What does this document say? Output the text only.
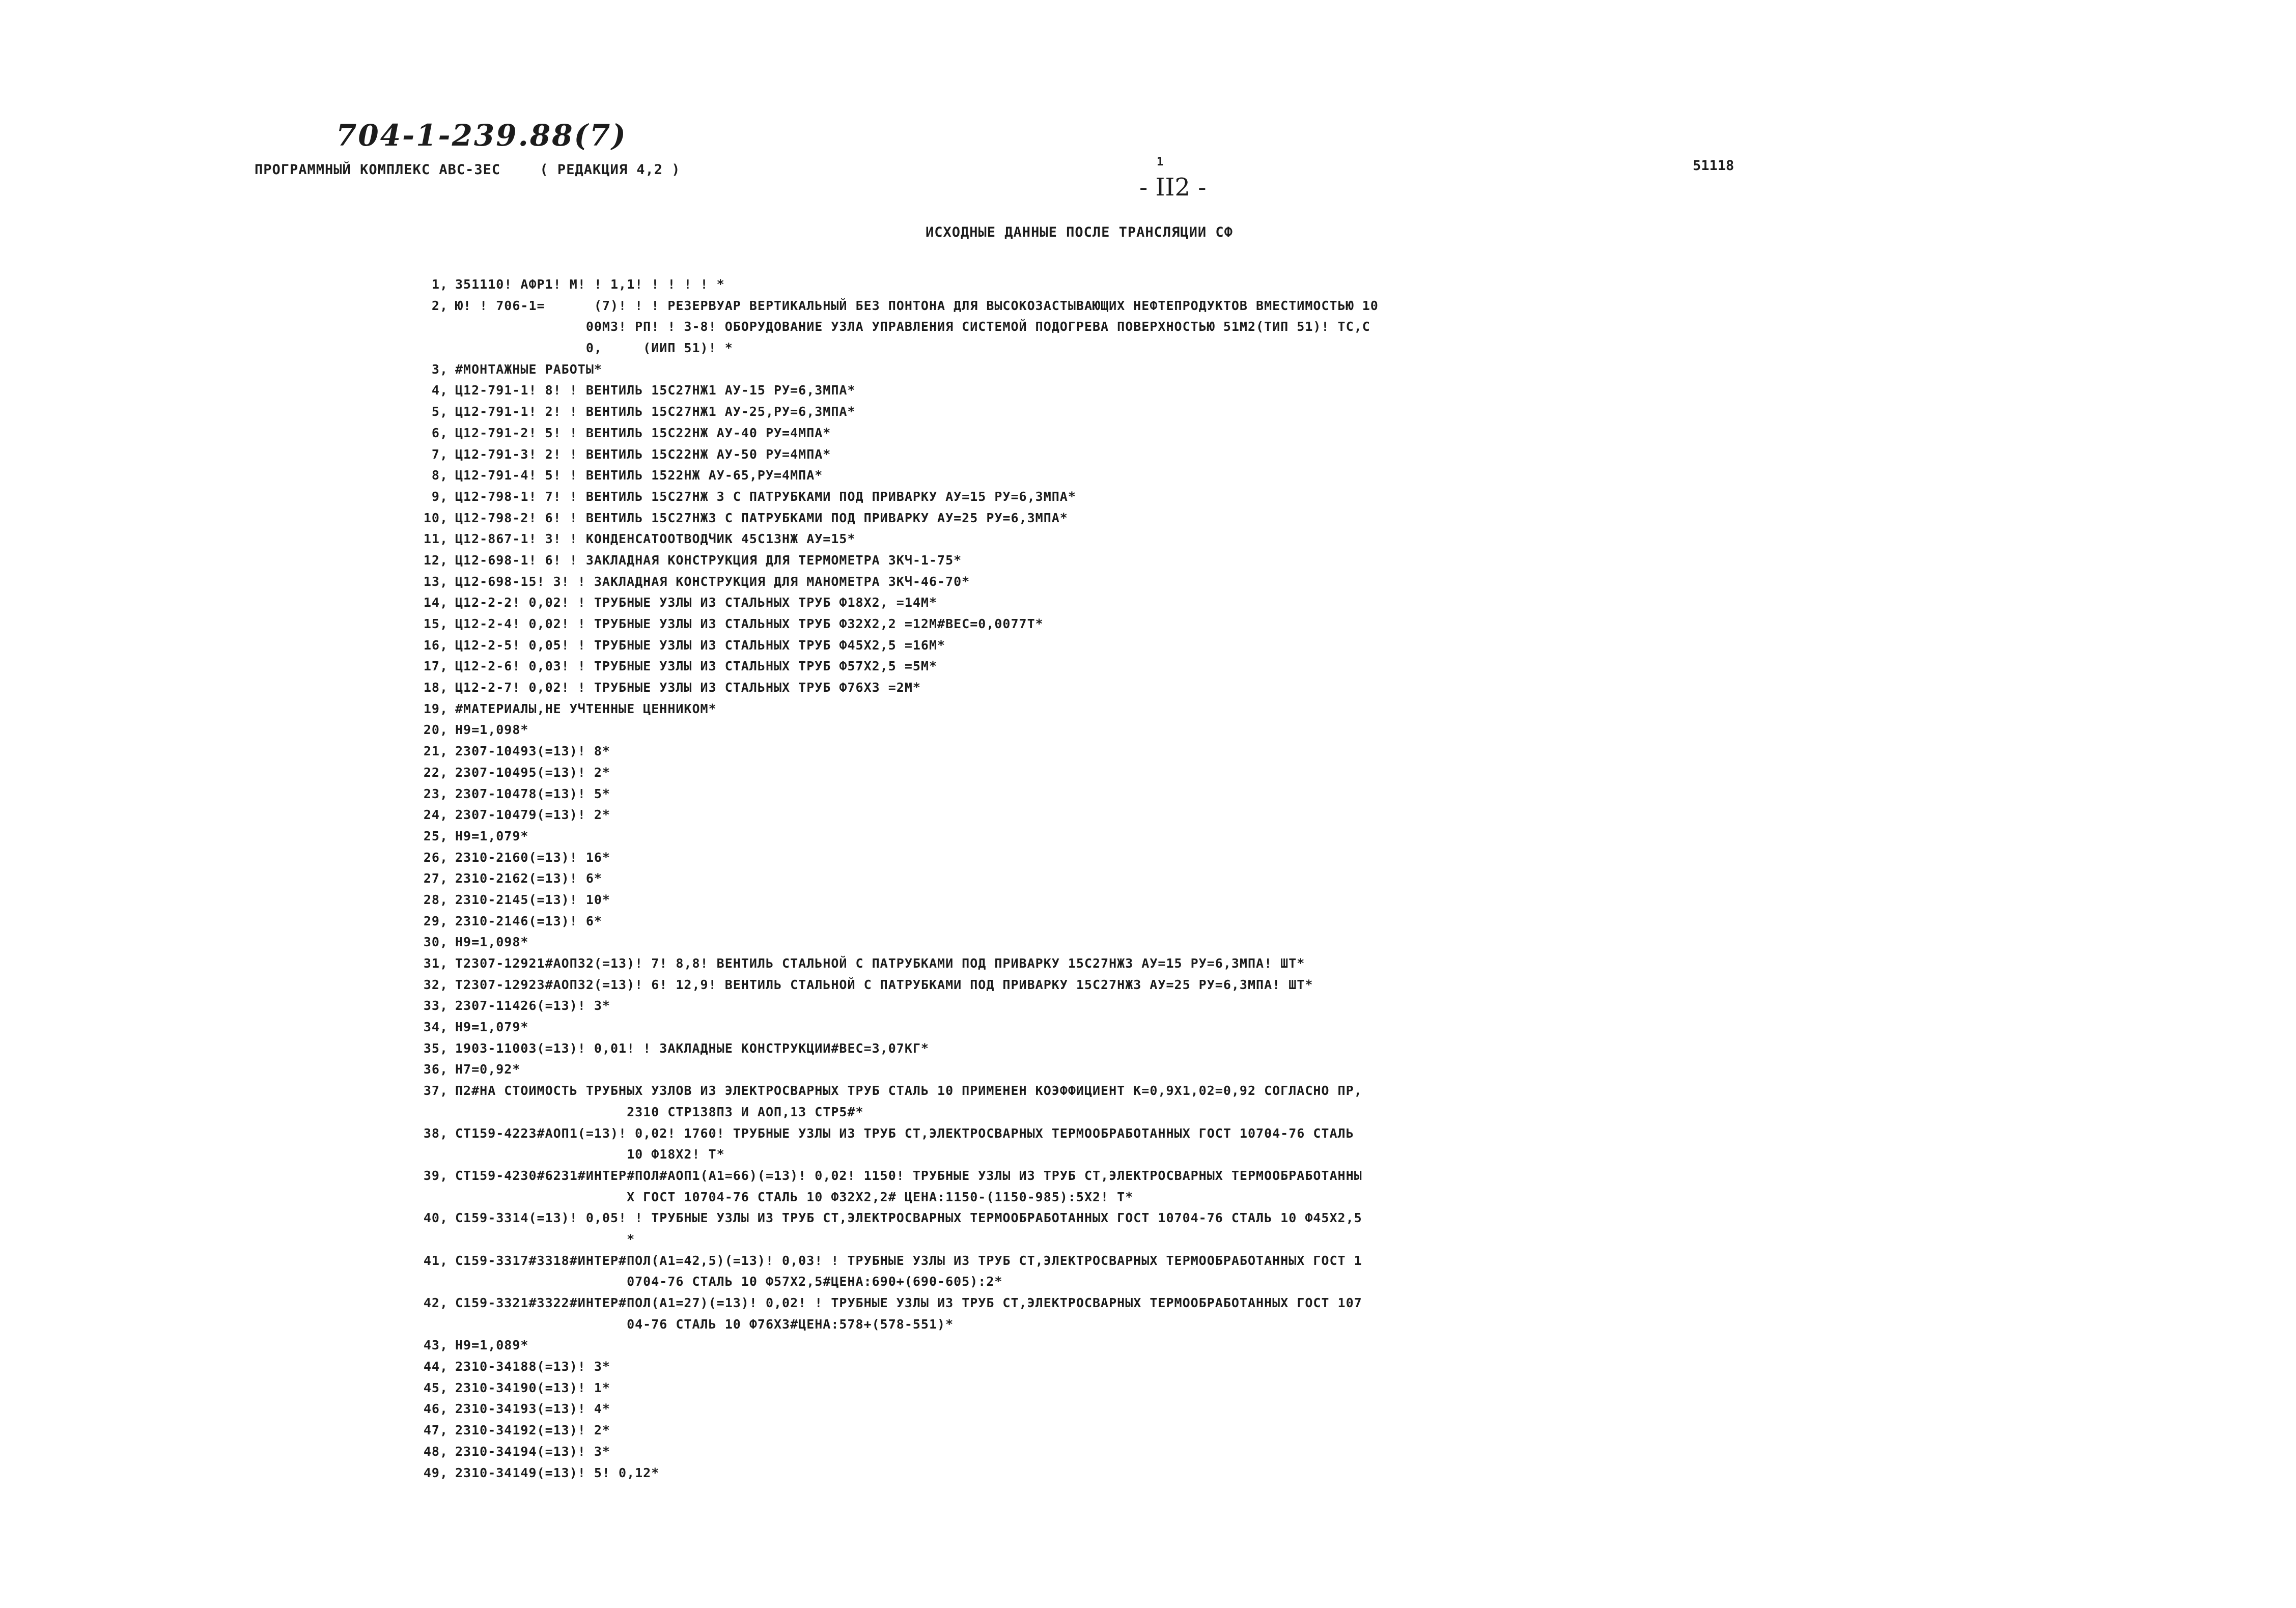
704-1-239.88(7)
ПРОГРАММНЫЙ КОМПЛЕКС АВС-3ЕС	( РЕДАКЦИЯ 4,2 )	1
- II2 -
51118
ИСХОДНЫЕ ДАННЫЕ ПОСЛЕ ТРАНСЛЯЦИИ СФ
1, 351110! АФР1! М! ! 1,1! ! ! ! ! *
2, Ю! ! 706-1=      (7)! ! ! РЕЗЕРВУАР ВЕРТИКАЛЬНЫЙ БЕЗ ПОНТОНА ДЛЯ ВЫСОКОЗАСТЫВАЮЩИХ НЕФТЕПРОДУКТОВ ВМЕСТИМОСТЬЮ 10
00М3! РП! ! 3-8! ОБОРУДОВАНИЕ УЗЛА УПРАВЛЕНИЯ СИСТЕМОЙ ПОДОГРЕВА ПОВЕРХНОСТЬЮ 51М2(ТИП 51)! ТС,С
0,     (ИИП 51)! *
3, #МОНТАЖНЫЕ РАБОТЫ*
4, Ц12-791-1! 8! ! ВЕНТИЛЬ 15С27НЖ1 АУ-15 РУ=6,3МПА*
5, Ц12-791-1! 2! ! ВЕНТИЛЬ 15С27НЖ1 АУ-25,РУ=6,3МПА*
6, Ц12-791-2! 5! ! ВЕНТИЛЬ 15С22НЖ АУ-40 РУ=4МПА*
7, Ц12-791-3! 2! ! ВЕНТИЛЬ 15С22НЖ АУ-50 РУ=4МПА*
8, Ц12-791-4! 5! ! ВЕНТИЛЬ 1522НЖ АУ-65,РУ=4МПА*
9, Ц12-798-1! 7! ! ВЕНТИЛЬ 15С27НЖ 3 С ПАТРУБКАМИ ПОД ПРИВАРКУ АУ=15 РУ=6,3МПА*
10, Ц12-798-2! 6! ! ВЕНТИЛЬ 15С27НЖ3 С ПАТРУБКАМИ ПОД ПРИВАРКУ АУ=25 РУ=6,3МПА*
11, Ц12-867-1! 3! ! КОНДЕНСАТООТВОДЧИК 45С13НЖ АУ=15*
12, Ц12-698-1! 6! ! ЗАКЛАДНАЯ КОНСТРУКЦИЯ ДЛЯ ТЕРМОМЕТРА ЗКЧ-1-75*
13, Ц12-698-15! 3! ! ЗАКЛАДНАЯ КОНСТРУКЦИЯ ДЛЯ МАНОМЕТРА ЗКЧ-46-70*
14, Ц12-2-2! 0,02! ! ТРУБНЫЕ УЗЛЫ ИЗ СТАЛЬНЫХ ТРУБ Ф18Х2, =14М*
15, Ц12-2-4! 0,02! ! ТРУБНЫЕ УЗЛЫ ИЗ СТАЛЬНЫХ ТРУБ Ф32Х2,2 =12М#ВЕС=0,0077Т*
16, Ц12-2-5! 0,05! ! ТРУБНЫЕ УЗЛЫ ИЗ СТАЛЬНЫХ ТРУБ Ф45Х2,5 =16М*
17, Ц12-2-6! 0,03! ! ТРУБНЫЕ УЗЛЫ ИЗ СТАЛЬНЫХ ТРУБ Ф57Х2,5 =5М*
18, Ц12-2-7! 0,02! ! ТРУБНЫЕ УЗЛЫ ИЗ СТАЛЬНЫХ ТРУБ Ф76Х3 =2М*
19, #МАТЕРИАЛЫ,НЕ УЧТЕННЫЕ ЦЕННИКОМ*
20, Н9=1,098*
21, 2307-10493(=13)! 8*
22, 2307-10495(=13)! 2*
23, 2307-10478(=13)! 5*
24, 2307-10479(=13)! 2*
25, Н9=1,079*
26, 2310-2160(=13)! 16*
27, 2310-2162(=13)! 6*
28, 2310-2145(=13)! 10*
29, 2310-2146(=13)! 6*
30, Н9=1,098*
31, Т2307-12921#АОП32(=13)! 7! 8,8! ВЕНТИЛЬ СТАЛЬНОЙ С ПАТРУБКАМИ ПОД ПРИВАРКУ 15С27НЖ3 АУ=15 РУ=6,3МПА! ШТ*
32, Т2307-12923#АОП32(=13)! 6! 12,9! ВЕНТИЛЬ СТАЛЬНОЙ С ПАТРУБКАМИ ПОД ПРИВАРКУ 15С27НЖ3 АУ=25 РУ=6,3МПА! ШТ*
33, 2307-11426(=13)! 3*
34, Н9=1,079*
35, 1903-11003(=13)! 0,01! ! ЗАКЛАДНЫЕ КОНСТРУКЦИИ#ВЕС=3,07КГ*
36, Н7=0,92*
37, П2#НА СТОИМОСТЬ ТРУБНЫХ УЗЛОВ ИЗ ЭЛЕКТРОСВАРНЫХ ТРУБ СТАЛЬ 10 ПРИМЕНЕН КОЭФФИЦИЕНТ К=0,9Х1,02=0,92 СОГЛАСНО ПР,
2310 СТР138П3 И АОП,13 СТР5#*
38, СТ159-4223#АОП1(=13)! 0,02! 1760! ТРУБНЫЕ УЗЛЫ ИЗ ТРУБ СТ,ЭЛЕКТРОСВАРНЫХ ТЕРМООБРАБОТАННЫХ ГОСТ 10704-76 СТАЛЬ
10 Ф18Х2! Т*
39, СТ159-4230#6231#ИНТЕР#ПОЛ#АОП1(А1=66)(=13)! 0,02! 1150! ТРУБНЫЕ УЗЛЫ ИЗ ТРУБ СТ,ЭЛЕКТРОСВАРНЫХ ТЕРМООБРАБОТАННЫ
Х ГОСТ 10704-76 СТАЛЬ 10 Ф32Х2,2# ЦЕНА:1150-(1150-985):5Х2! Т*
40, С159-3314(=13)! 0,05! ! ТРУБНЫЕ УЗЛЫ ИЗ ТРУБ СТ,ЭЛЕКТРОСВАРНЫХ ТЕРМООБРАБОТАННЫХ ГОСТ 10704-76 СТАЛЬ 10 Ф45Х2,5
*
41, С159-3317#3318#ИНТЕР#ПОЛ(А1=42,5)(=13)! 0,03! ! ТРУБНЫЕ УЗЛЫ ИЗ ТРУБ СТ,ЭЛЕКТРОСВАРНЫХ ТЕРМООБРАБОТАННЫХ ГОСТ 1
0704-76 СТАЛЬ 10 Ф57Х2,5#ЦЕНА:690+(690-605):2*
42, С159-3321#3322#ИНТЕР#ПОЛ(А1=27)(=13)! 0,02! ! ТРУБНЫЕ УЗЛЫ ИЗ ТРУБ СТ,ЭЛЕКТРОСВАРНЫХ ТЕРМООБРАБОТАННЫХ ГОСТ 107
04-76 СТАЛЬ 10 Ф76Х3#ЦЕНА:578+(578-551)*
43, Н9=1,089*
44, 2310-34188(=13)! 3*
45, 2310-34190(=13)! 1*
46, 2310-34193(=13)! 4*
47, 2310-34192(=13)! 2*
48, 2310-34194(=13)! 3*
49, 2310-34149(=13)! 5! 0,12*
